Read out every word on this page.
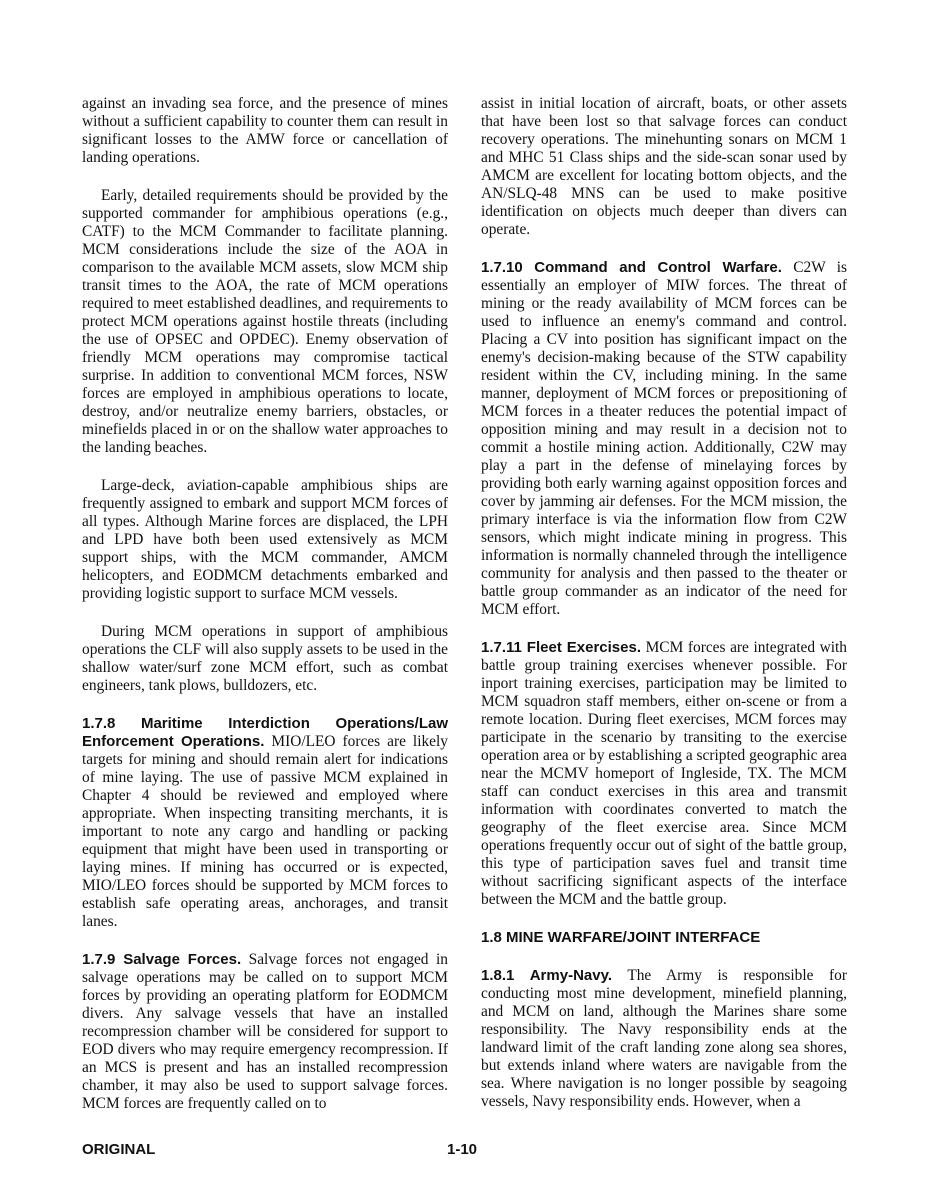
against an invading sea force, and the presence of mines without a sufficient capability to counter them can result in significant losses to the AMW force or cancellation of landing operations.

Early, detailed requirements should be provided by the supported commander for amphibious operations (e.g., CATF) to the MCM Commander to facilitate planning. MCM considerations include the size of the AOA in comparison to the available MCM assets, slow MCM ship transit times to the AOA, the rate of MCM operations required to meet established deadlines, and requirements to protect MCM operations against hostile threats (including the use of OPSEC and OPDEC). Enemy observation of friendly MCM operations may compromise tactical surprise. In addition to conventional MCM forces, NSW forces are employed in amphibious operations to locate, destroy, and/or neutralize enemy barriers, obstacles, or minefields placed in or on the shallow water approaches to the landing beaches.

Large-deck, aviation-capable amphibious ships are frequently assigned to embark and support MCM forces of all types. Although Marine forces are displaced, the LPH and LPD have both been used extensively as MCM support ships, with the MCM commander, AMCM helicopters, and EODMCM detachments embarked and providing logistic support to surface MCM vessels.

During MCM operations in support of amphibious operations the CLF will also supply assets to be used in the shallow water/surf zone MCM effort, such as combat engineers, tank plows, bulldozers, etc.

1.7.8 Maritime Interdiction Operations/Law Enforcement Operations. MIO/LEO forces are likely targets for mining and should remain alert for indications of mine laying. The use of passive MCM explained in Chapter 4 should be reviewed and employed where appropriate. When inspecting transiting merchants, it is important to note any cargo and handling or packing equipment that might have been used in transporting or laying mines. If mining has occurred or is expected, MIO/LEO forces should be supported by MCM forces to establish safe operating areas, anchorages, and transit lanes.

1.7.9 Salvage Forces. Salvage forces not engaged in salvage operations may be called on to support MCM forces by providing an operating platform for EODMCM divers. Any salvage vessels that have an installed recompression chamber will be considered for support to EOD divers who may require emergency recompression. If an MCS is present and has an installed recompression chamber, it may also be used to support salvage forces. MCM forces are frequently called on to

assist in initial location of aircraft, boats, or other assets that have been lost so that salvage forces can conduct recovery operations. The minehunting sonars on MCM 1 and MHC 51 Class ships and the side-scan sonar used by AMCM are excellent for locating bottom objects, and the AN/SLQ-48 MNS can be used to make positive identification on objects much deeper than divers can operate.

1.7.10 Command and Control Warfare. C2W is essentially an employer of MIW forces. The threat of mining or the ready availability of MCM forces can be used to influence an enemy's command and control. Placing a CV into position has significant impact on the enemy's decision-making because of the STW capability resident within the CV, including mining. In the same manner, deployment of MCM forces or prepositioning of MCM forces in a theater reduces the potential impact of opposition mining and may result in a decision not to commit a hostile mining action. Additionally, C2W may play a part in the defense of minelaying forces by providing both early warning against opposition forces and cover by jamming air defenses. For the MCM mission, the primary interface is via the information flow from C2W sensors, which might indicate mining in progress. This information is normally channeled through the intelligence community for analysis and then passed to the theater or battle group commander as an indicator of the need for MCM effort.

1.7.11 Fleet Exercises. MCM forces are integrated with battle group training exercises whenever possible. For inport training exercises, participation may be limited to MCM squadron staff members, either on-scene or from a remote location. During fleet exercises, MCM forces may participate in the scenario by transiting to the exercise operation area or by establishing a scripted geographic area near the MCMV homeport of Ingleside, TX. The MCM staff can conduct exercises in this area and transmit information with coordinates converted to match the geography of the fleet exercise area. Since MCM operations frequently occur out of sight of the battle group, this type of participation saves fuel and transit time without sacrificing significant aspects of the interface between the MCM and the battle group.

1.8 MINE WARFARE/JOINT INTERFACE

1.8.1 Army-Navy. The Army is responsible for conducting most mine development, minefield planning, and MCM on land, although the Marines share some responsibility. The Navy responsibility ends at the landward limit of the craft landing zone along sea shores, but extends inland where waters are navigable from the sea. Where navigation is no longer possible by seagoing vessels, Navy responsibility ends. However, when a

ORIGINAL	1-10
